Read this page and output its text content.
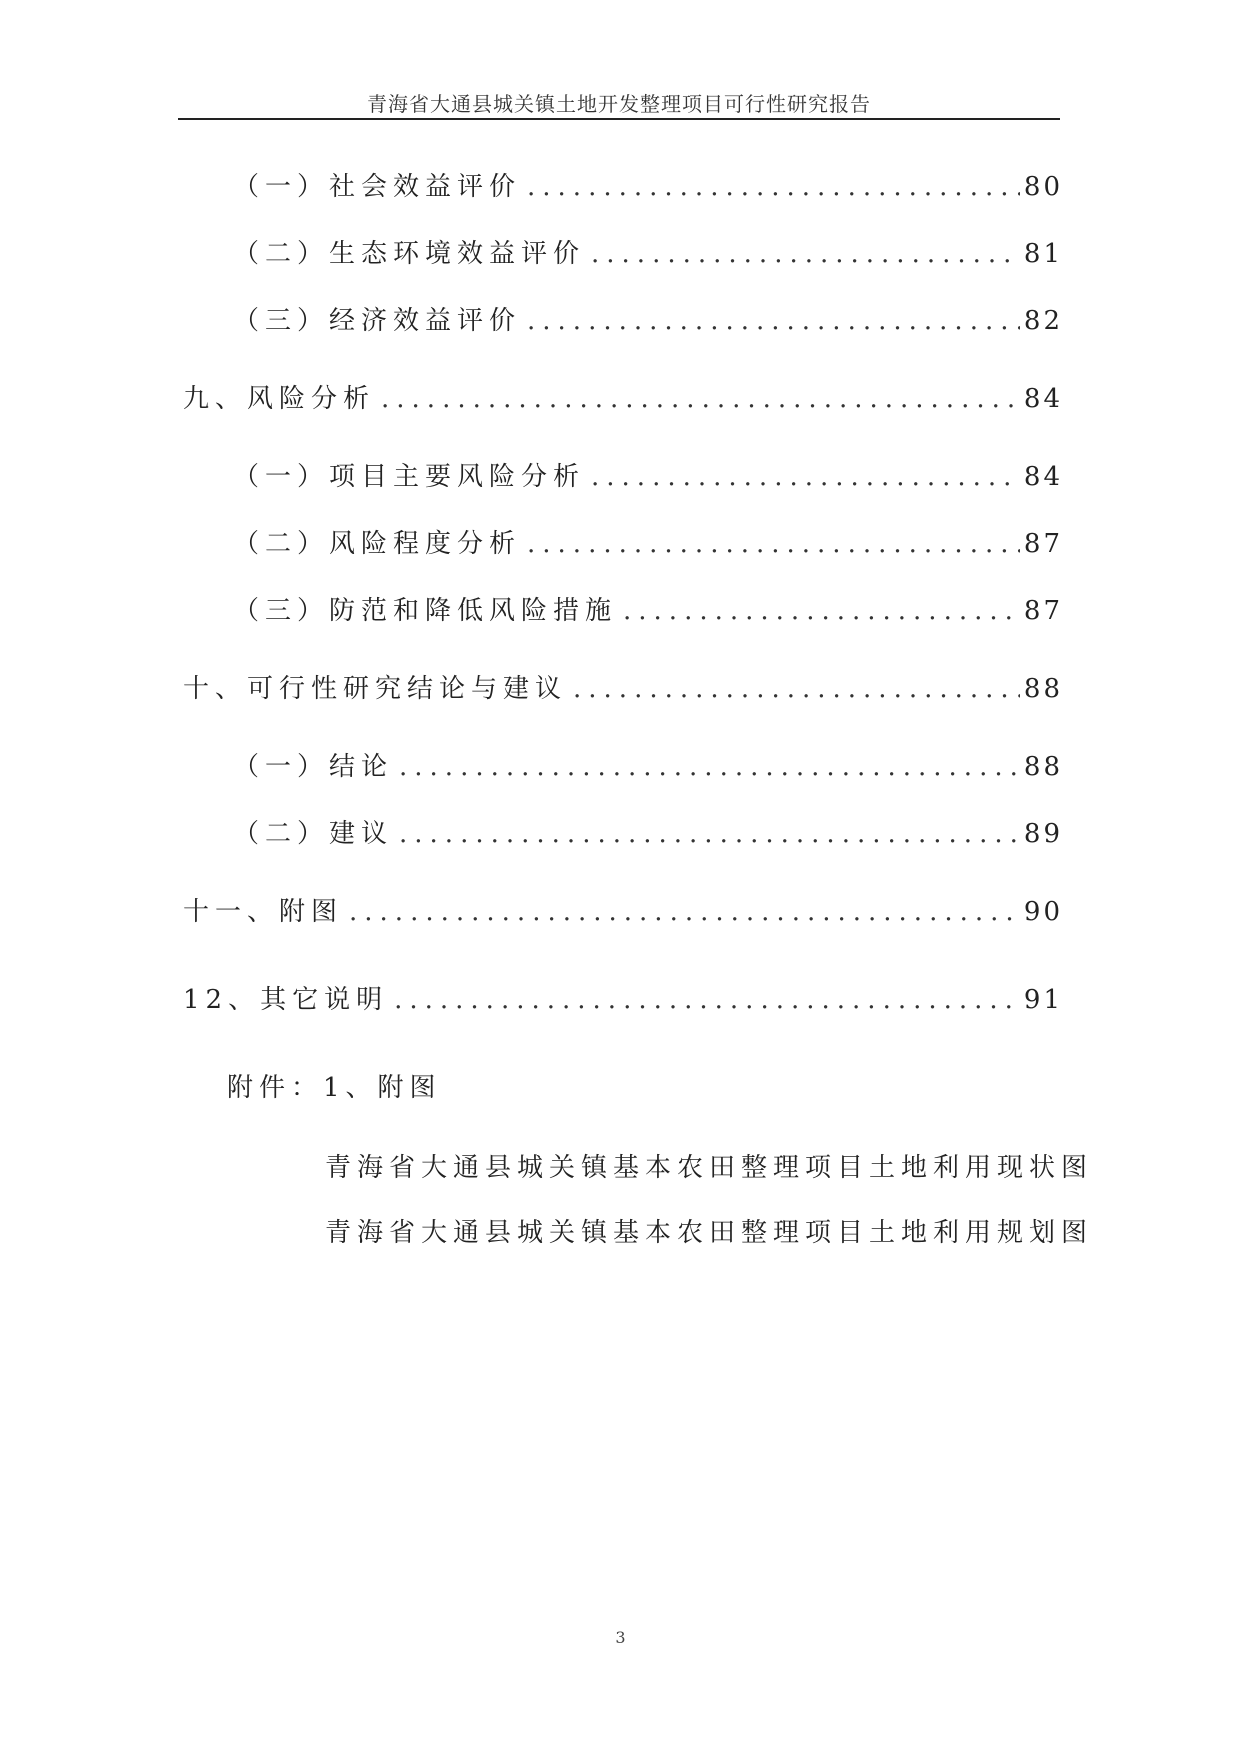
青海省大通县城关镇土地开发整理项目可行性研究报告
（一）社会效益评价 .....	80
（二）生态环境效益评价 .....	81
（三）经济效益评价 .....	82
九、风险分析 .....	84
（一）项目主要风险分析 .....	84
（二）风险程度分析 .....	87
（三）防范和降低风险措施 .....	87
十、可行性研究结论与建议 .....	88
（一）结论 .....	88
（二）建议 .....	89
十一、附图 .....	90
12、其它说明 .....	91
附件：1、附图
青海省大通县城关镇基本农田整理项目土地利用现状图
青海省大通县城关镇基本农田整理项目土地利用规划图
3
